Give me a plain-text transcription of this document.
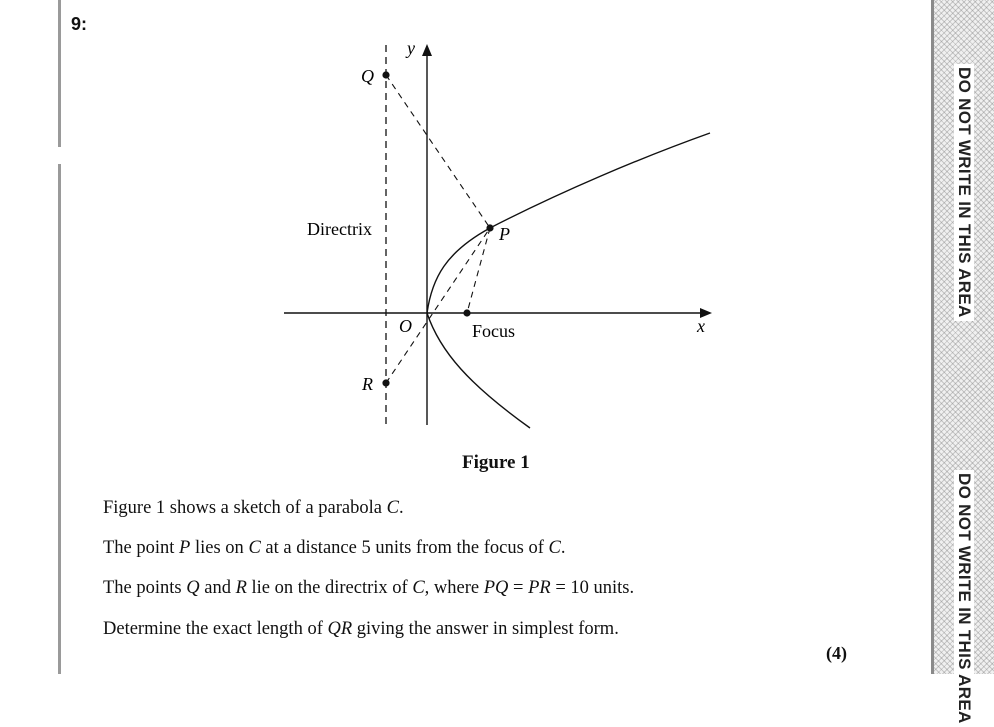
9:
DO NOT WRITE IN THIS AREA
DO NOT WRITE IN THIS AREA
y
x
O	Focus
Directrix	P
Q
R
Figure 1
Figure 1 shows a sketch of a parabola C.
The point P lies on C at a distance 5 units from the focus of C.
The points Q and R lie on the directrix of C, where PQ = PR = 10 units.
Determine the exact length of QR giving the answer in simplest form.
(4)
